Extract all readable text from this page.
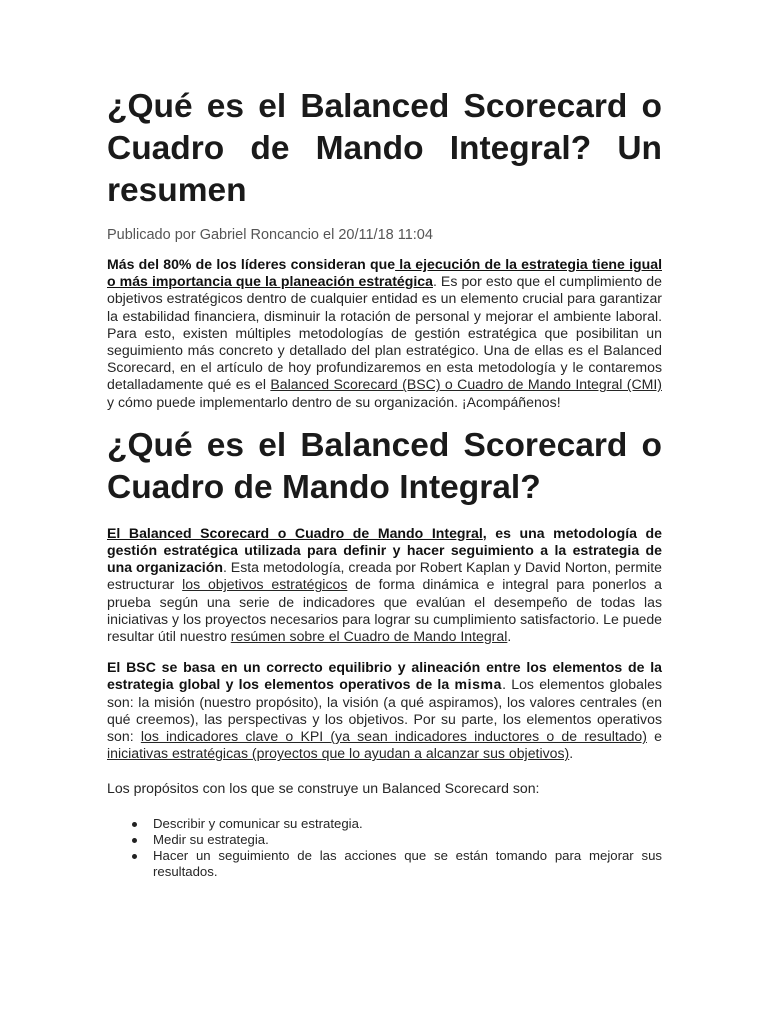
¿Qué es el Balanced Scorecard o Cuadro de Mando Integral? Un resumen
Publicado por Gabriel Roncancio el 20/11/18 11:04

Más del 80% de los líderes consideran que la ejecución de la estrategia tiene igual o más importancia que la planeación estratégica. Es por esto que el cumplimiento de objetivos estratégicos dentro de cualquier entidad es un elemento crucial para garantizar la estabilidad financiera, disminuir la rotación de personal y mejorar el ambiente laboral. Para esto, existen múltiples metodologías de gestión estratégica que posibilitan un seguimiento más concreto y detallado del plan estratégico. Una de ellas es el Balanced Scorecard, en el artículo de hoy profundizaremos en esta metodología y le contaremos detalladamente qué es el Balanced Scorecard (BSC) o Cuadro de Mando Integral (CMI) y cómo puede implementarlo dentro de su organización. ¡Acompáñenos!

¿Qué es el Balanced Scorecard o Cuadro de Mando Integral?

El Balanced Scorecard o Cuadro de Mando Integral, es una metodología de gestión estratégica utilizada para definir y hacer seguimiento a la estrategia de una organización. Esta metodología, creada por Robert Kaplan y David Norton, permite estructurar los objetivos estratégicos de forma dinámica e integral para ponerlos a prueba según una serie de indicadores que evalúan el desempeño de todas las iniciativas y los proyectos necesarios para lograr su cumplimiento satisfactorio. Le puede resultar útil nuestro resúmen sobre el Cuadro de Mando Integral.

El BSC se basa en un correcto equilibrio y alineación entre los elementos de la estrategia global y los elementos operativos de la misma. Los elementos globales son: la misión (nuestro propósito), la visión (a qué aspiramos), los valores centrales (en qué creemos), las perspectivas y los objetivos. Por su parte, los elementos operativos son: los indicadores clave o KPI (ya sean indicadores inductores o de resultado) e iniciativas estratégicas (proyectos que lo ayudan a alcanzar sus objetivos).

Los propósitos con los que se construye un Balanced Scorecard son:

Describir y comunicar su estrategia.
Medir su estrategia.
Hacer un seguimiento de las acciones que se están tomando para mejorar sus resultados.
